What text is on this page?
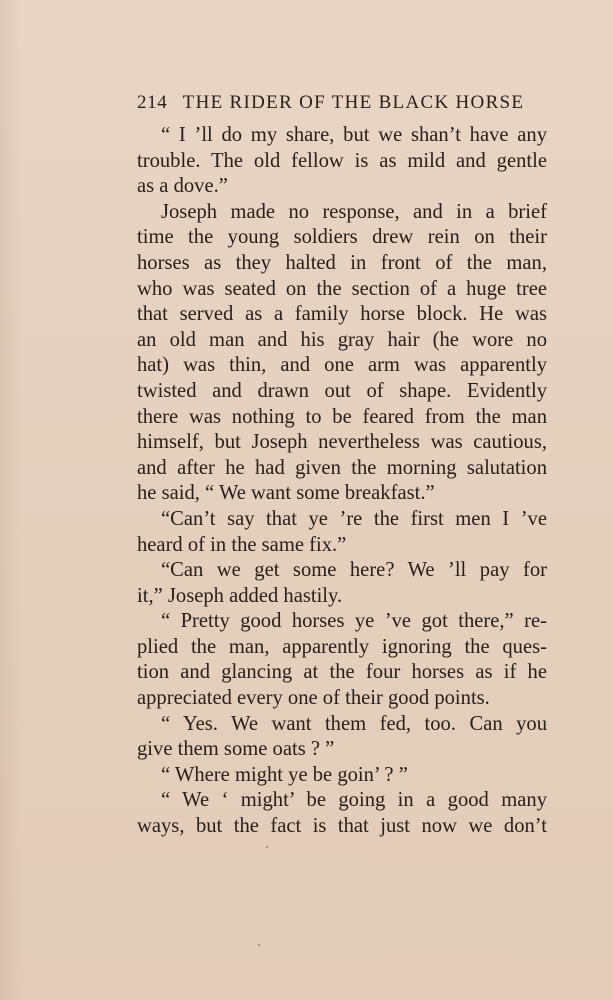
214 THE RIDER OF THE BLACK HORSE
“ I ’ll do my share, but we shan’t have any
trouble. The old fellow is as mild and gentle
as a dove.”
Joseph made no response, and in a brief
time the young soldiers drew rein on their
horses as they halted in front of the man,
who was seated on the section of a huge tree
that served as a family horse block. He was
an old man and his gray hair (he wore no
hat) was thin, and one arm was apparently
twisted and drawn out of shape. Evidently
there was nothing to be feared from the man
himself, but Joseph nevertheless was cautious,
and after he had given the morning salutation
he said, “ We want some breakfast.”
“Can’t say that ye ’re the first men I ’ve
heard of in the same fix.”
“Can we get some here? We ’ll pay for
it,” Joseph added hastily.
“ Pretty good horses ye ’ve got there,” re-
plied the man, apparently ignoring the ques-
tion and glancing at the four horses as if he
appreciated every one of their good points.
“ Yes. We want them fed, too. Can you
give them some oats ? ”
“ Where might ye be goin’ ? ”
“ We ‘ might’ be going in a good many
ways, but the fact is that just now we don’t
